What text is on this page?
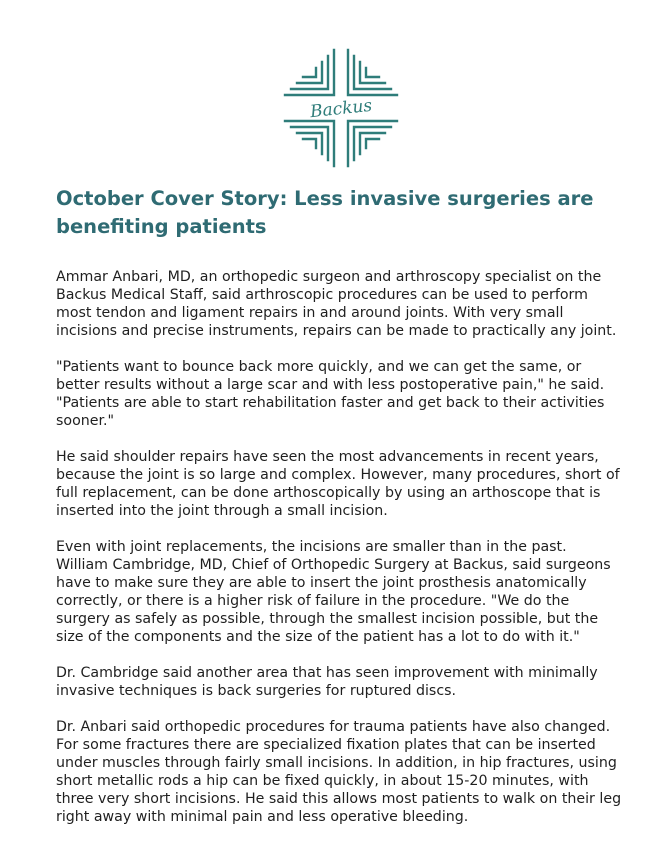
Backus
October Cover Story: Less invasive surgeries are benefiting patients

Ammar Anbari, MD, an orthopedic surgeon and arthroscopy specialist on the Backus Medical Staff, said arthroscopic procedures can be used to perform most tendon and ligament repairs in and around joints. With very small incisions and precise instruments, repairs can be made to practically any joint.

"Patients want to bounce back more quickly, and we can get the same, or better results without a large scar and with less postoperative pain," he said. "Patients are able to start rehabilitation faster and get back to their activities sooner."

He said shoulder repairs have seen the most advancements in recent years, because the joint is so large and complex. However, many procedures, short of full replacement, can be done arthoscopically by using an arthoscope that is inserted into the joint through a small incision.

Even with joint replacements, the incisions are smaller than in the past. William Cambridge, MD, Chief of Orthopedic Surgery at Backus, said surgeons have to make sure they are able to insert the joint prosthesis anatomically correctly, or there is a higher risk of failure in the procedure. "We do the surgery as safely as possible, through the smallest incision possible, but the size of the components and the size of the patient has a lot to do with it."

Dr. Cambridge said another area that has seen improvement with minimally invasive techniques is back surgeries for ruptured discs.

Dr. Anbari said orthopedic procedures for trauma patients have also changed. For some fractures there are specialized fixation plates that can be inserted under muscles through fairly small incisions. In addition, in hip fractures, using short metallic rods a hip can be fixed quickly, in about 15-20 minutes, with three very short incisions. He said this allows most patients to walk on their leg right away with minimal pain and less operative bleeding.
